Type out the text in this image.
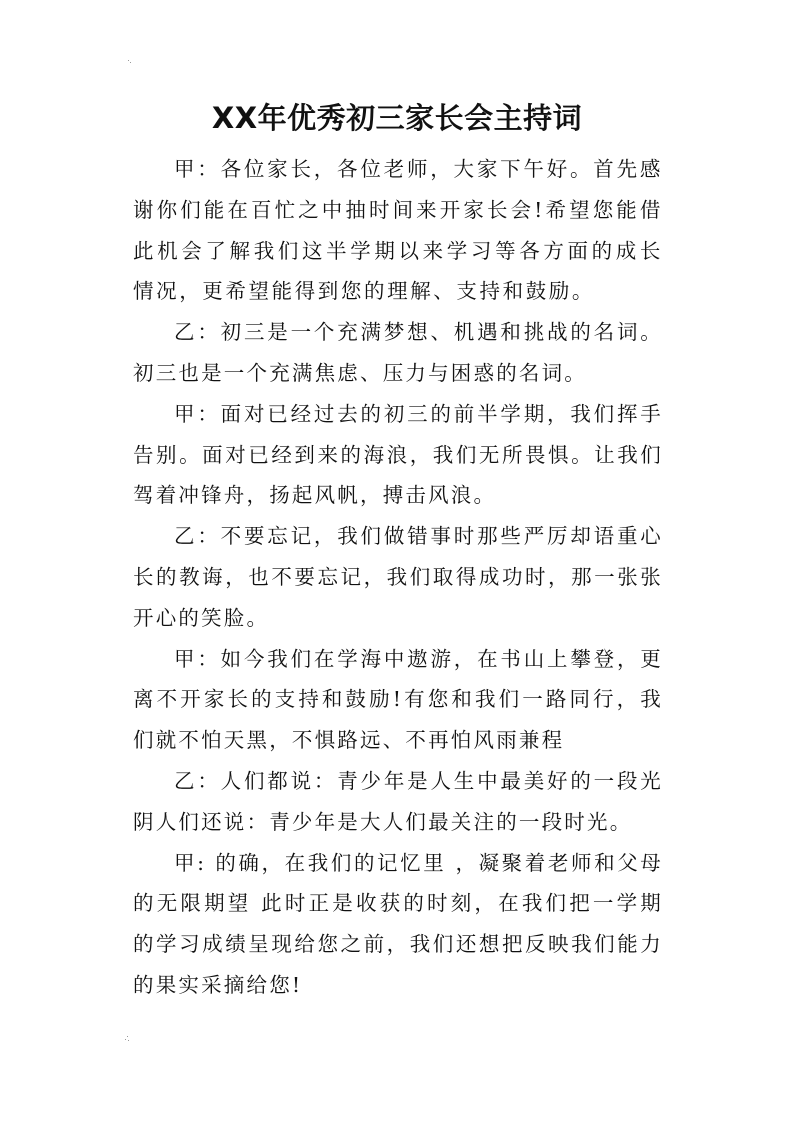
XX年优秀初三家长会主持词

甲：各位家长，各位老师，大家下午好。首先感谢你们能在百忙之中抽时间来开家长会!希望您能借此机会了解我们这半学期以来学习等各方面的成长情况，更希望能得到您的理解、支持和鼓励。

乙：初三是一个充满梦想、机遇和挑战的名词。初三也是一个充满焦虑、压力与困惑的名词。

甲：面对已经过去的初三的前半学期，我们挥手告别。面对已经到来的海浪，我们无所畏惧。让我们驾着冲锋舟，扬起风帆，搏击风浪。

乙：不要忘记，我们做错事时那些严厉却语重心长的教诲，也不要忘记，我们取得成功时，那一张张开心的笑脸。

甲：如今我们在学海中遨游，在书山上攀登，更离不开家长的支持和鼓励!有您和我们一路同行，我们就不怕天黑，不惧路远、不再怕风雨兼程

乙：人们都说：青少年是人生中最美好的一段光阴人们还说：青少年是大人们最关注的一段时光。

甲: 的确，在我们的记忆里 ，凝聚着老师和父母的无限期望 此时正是收获的时刻，在我们把一学期的学习成绩呈现给您之前，我们还想把反映我们能力的果实采摘给您!
